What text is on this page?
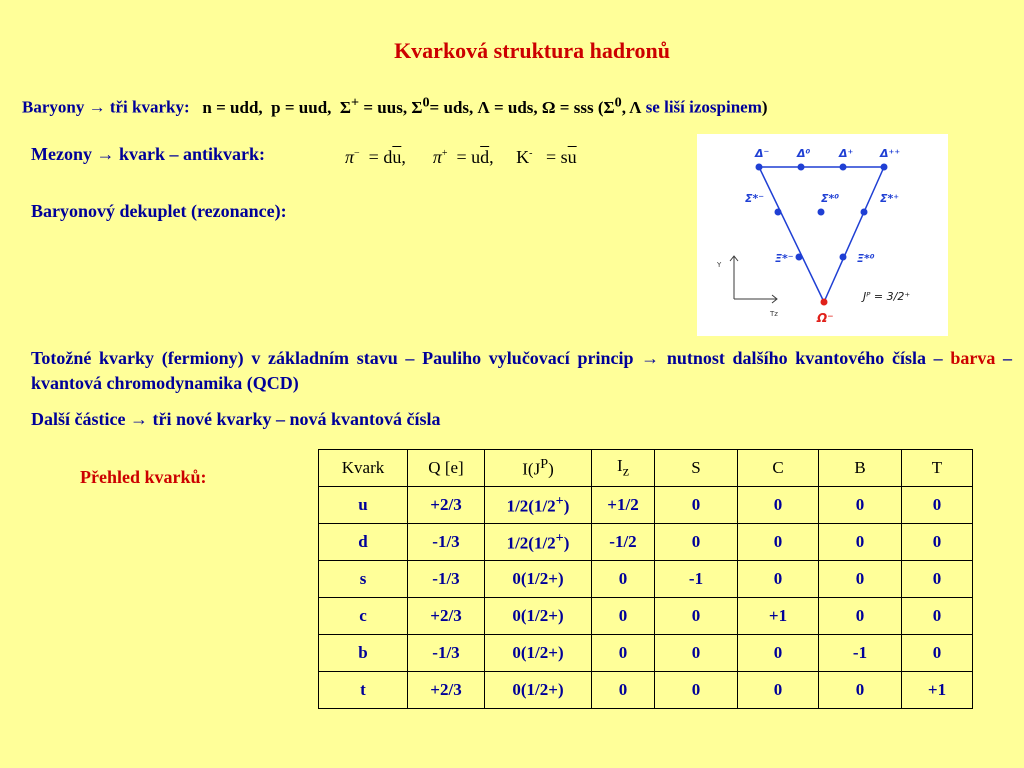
Kvarková struktura hadronů
Baryony → tři kvarky: n = udd, p = uud, Σ+ = uus, $\Sigma^0=$ uds, Λ = uds, Ω = sss ($\Sigma^0$, Λ se liší izospinem)
Mezony → kvark – antikvark:	$\pi^- = d\overline{u}$, $\pi^+ = u\overline{d}$, $K^- = s\overline{u}$
Baryonový dekuplet (rezonance):
Δ⁻	Δ⁰	Δ⁺ Δ⁺⁺
Σ*⁻	Σ*⁰	Σ*⁺
Ξ*⁻	Ξ*⁰
Ω⁻
Y
Tz
Jᴾ = 3/2⁺
Totožné kvarky (fermiony) v základním stavu – Pauliho vylučovací princip → nutnost dalšího kvantového čísla – barva – kvantová chromodynamika (QCD)
Další částice → tři nové kvarky – nová kvantová čísla
Přehled kvarků:	Kvark	Q [e]	$I(J^P)$	$I_z$	S	C	B	T
u	+2/3	1/2(1/2+)	+1/2	0	0	0	0
d	-1/3	1/2(1/2+)	-1/2	0	0	0	0
s	-1/3	0(1/2+)	0	-1	0	0	0
c	+2/3	0(1/2+)	0	0	+1	0	0
b	-1/3	0(1/2+)	0	0	0	-1	0
t	+2/3	0(1/2+)	0	0	0	0	+1
